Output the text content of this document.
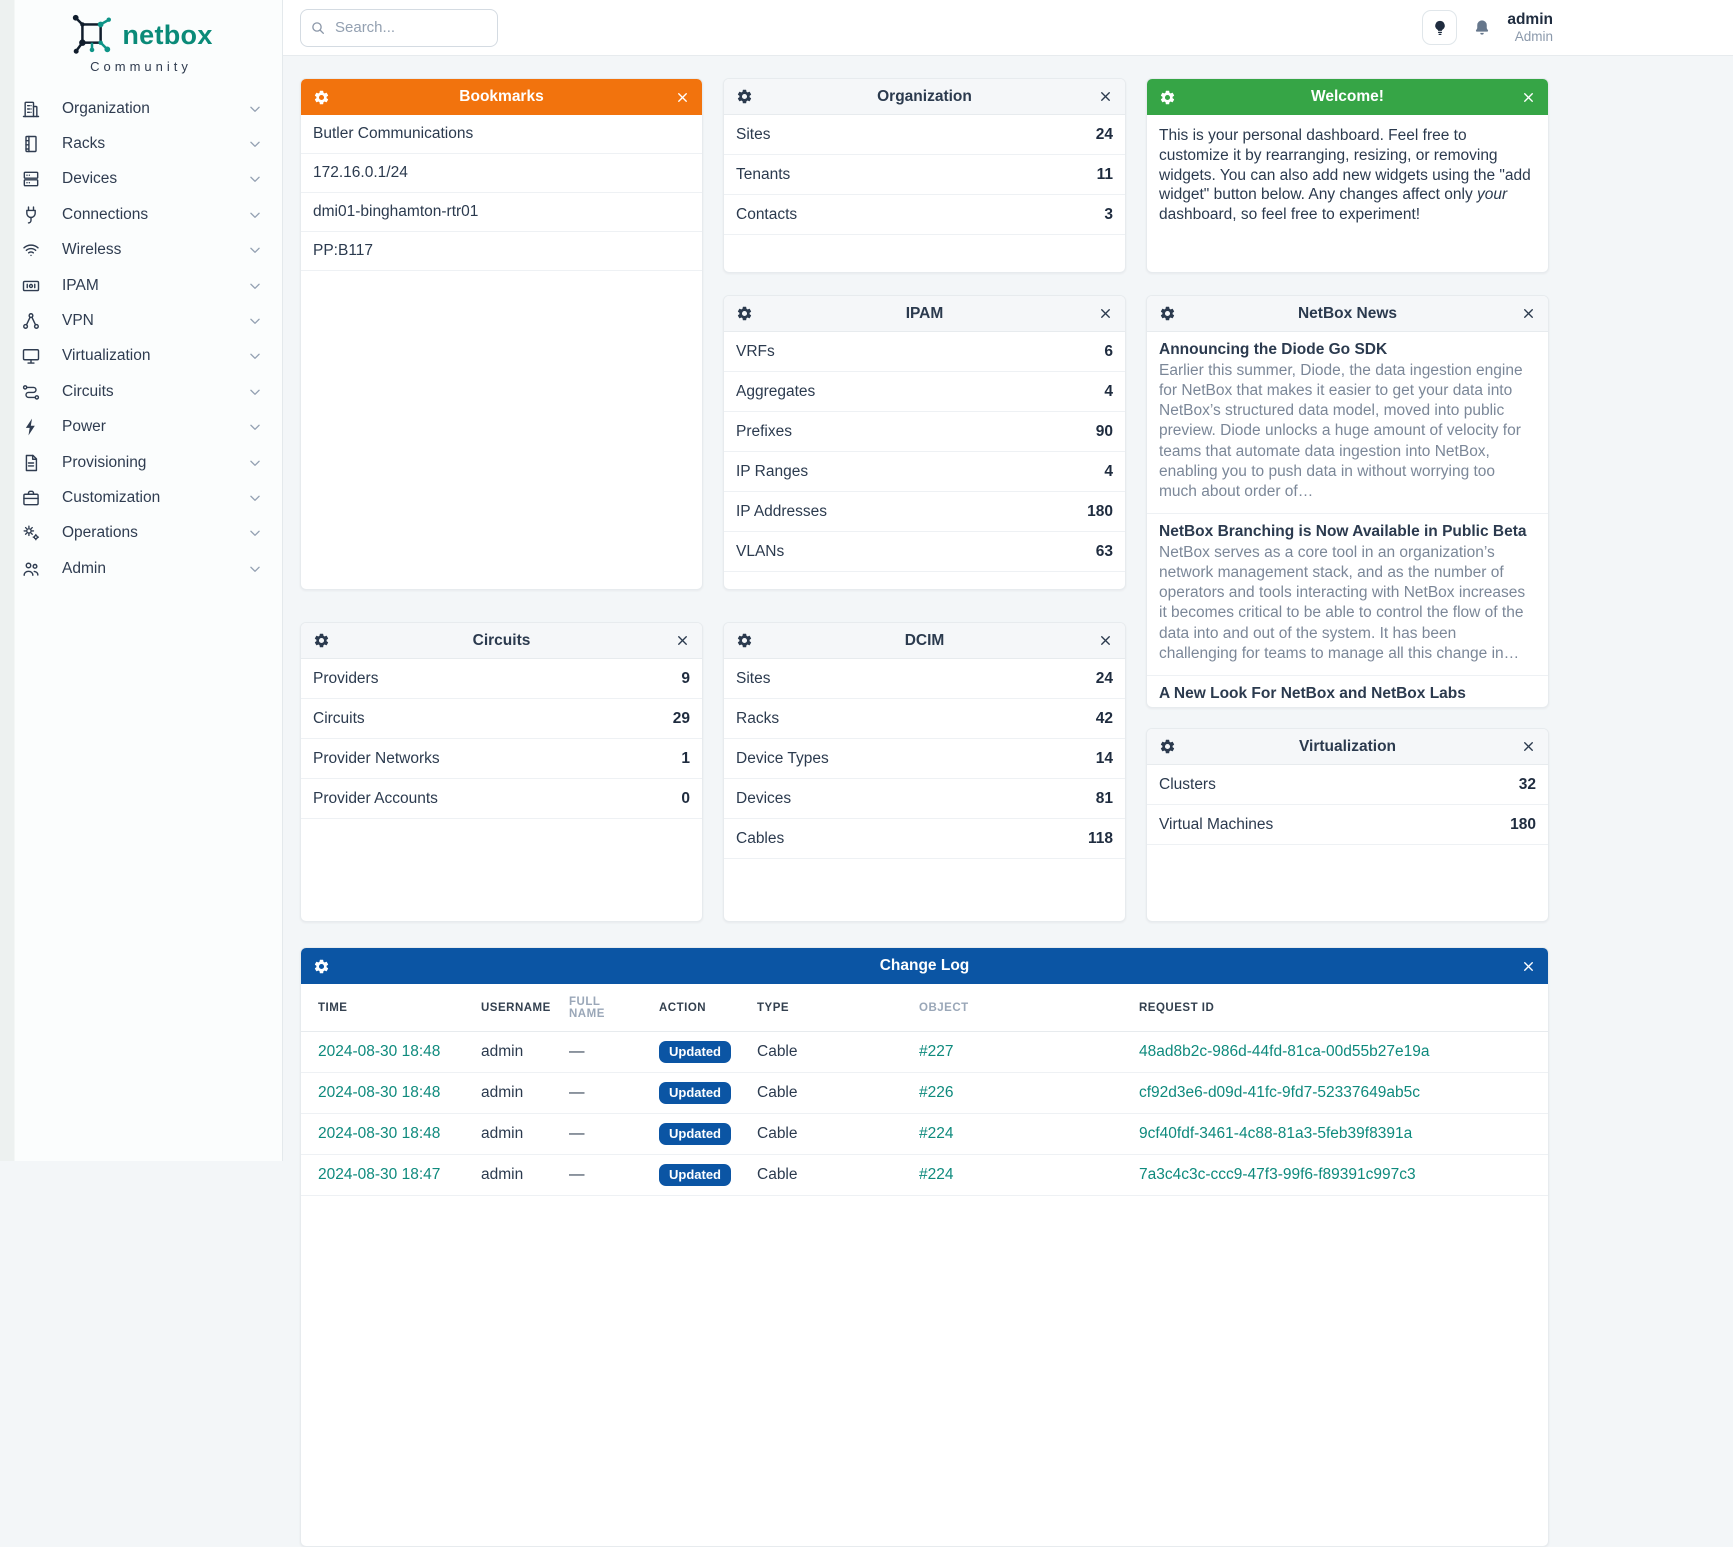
netbox
Community
Organization
Racks
Devices
Connections
Wireless
IPAM
VPN
Virtualization
Circuits
Power
Provisioning
Customization
Operations
Admin
Search...
admin
Admin
Bookmarks
Butler Communications
172.16.0.1/24
dmi01-binghamton-rtr01
PP:B117
Circuits
Providers	9
Circuits	29
Provider Networks	1
Provider Accounts	0
Organization
Sites	24
Tenants	11
Contacts	3
IPAM
VRFs	6
Aggregates	4
Prefixes	90
IP Ranges	4
IP Addresses	180
VLANs	63
DCIM
Sites	24
Racks	42
Device Types	14
Devices	81
Cables	118
Welcome!

This is your personal dashboard. Feel free to customize it by rearranging, resizing, or removing widgets. You can also add new widgets using the "add widget" button below. Any changes affect only your dashboard, so feel free to experiment!

NetBox News
Announcing the Diode Go SDK
Earlier this summer, Diode, the data ingestion engine for NetBox that makes it easier to get your data into NetBox’s structured data model, moved into public preview. Diode unlocks a huge amount of velocity for teams that automate data ingestion into NetBox, enabling you to push data in without worrying too much about order of…
NetBox Branching is Now Available in Public Beta
NetBox serves as a core tool in an organization’s network management stack, and as the number of operators and tools interacting with NetBox increases it becomes critical to be able to control the flow of the data into and out of the system. It has been challenging for teams to manage all this change in…
A New Look For NetBox and NetBox Labs
Virtualization
Clusters	32
Virtual Machines	180
Change Log
TIME	USERNAME	FULL NAME	ACTION	TYPE	OBJECT	REQUEST ID
2024-08-30 18:48	admin	—	Updated	Cable	#227	48ad8b2c-986d-44fd-81ca-00d55b27e19a
2024-08-30 18:48	admin	—	Updated	Cable	#226	cf92d3e6-d09d-41fc-9fd7-52337649ab5c
2024-08-30 18:48	admin	—	Updated	Cable	#224	9cf40fdf-3461-4c88-81a3-5feb39f8391a
2024-08-30 18:47	admin	—	Updated	Cable	#224	7a3c4c3c-ccc9-47f3-99f6-f89391c997c3
